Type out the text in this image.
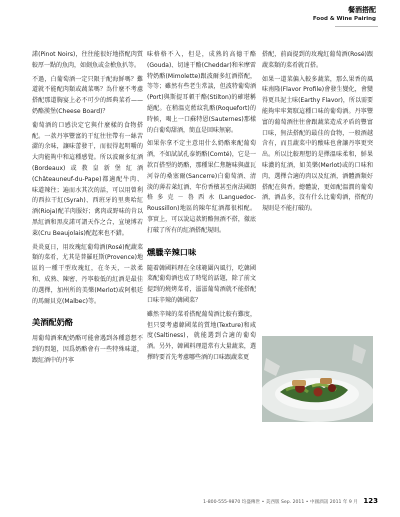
餐酒搭配
Food & Wine Pairing

諾(Pinot Noirs)，往往能很好地搭配肉質較厚一點的魚肉，如劍魚或金槍魚扒等。

不過，白葡萄酒一定只限于配海鮮嗎？難道就不能配肉類或蔬菜嗎？為什麼不考慮搭配那道胸宴上必不可少的經典菜肴——奶酪漢堡(Cheese Board)？

葡萄酒的口感決定它與什麼樣的食物搭配。一款丹寧豐富的干紅往往帶有一絲苦澀的余味，讓味蕾發干，而很得起明嚼的大肉能夠中和這種感覺。所以波爾多紅酒(Bordeaux)或教皇新堡紅酒(Châteauneuf-du-Pape)都適配牛肉、味道辣往；遍而水其次的話，可以用曾利的西拉干紅(Syrah)、西班牙的里奧哈紅酒(Rioja)配羊肉服好；禽肉或野味的肯以黑紅酒和黑皮諾可謂天作之合，宣境博若萊(Cru Beaujolais)配起來也不錯。

炎炎夏日，用玫瑰紅葡萄酒(Rosé)配蔬菜類的菜肴，尤其是普羅旺斯(Provence)地區的一種干型玫瑰紅，在冬天，一款柔和、成熟、陳密、丹寧較低的紅酒是最佳的選擇，加州所的美樂(Merlot)或阿根廷的馬爾貝克(Malbec)等。

美酒配奶酪

用葡萄酒來配奶酪可能會遇到各種意想不到的問題，因爲奶酪會有一些特殊味道，跟紅酒中的丹寧

味格格不入，但是，成熟的高德干酪(Gouda)、切達干酪(Cheddar)和米摩雷特奶酪(Mimolette)跟波爾多紅酒搭配，等等；雖然有些老生常談，但波特葡萄酒(Port)與斯提耳頓干酪(Stilton)的確堪稱絕配。在稍溫克藍紋乳酪(Roquefort)的時候，喝上一口蘇特恩(Sauternes)那樣的白葡萄甜酒，簡直是回味無窮。

如果你拿不定主意用什么奶酪來配葡萄酒，不如試試孔泰奶酪(Comté)，它是一款百搭型的奶酪，那種果仁焦糖味與盧瓦河谷的桑塞爾(Sancerre)白葡萄酒、清淡的薄若萊紅酒、年份香檳甚至南法國朗格多克－魯西永(Languedoc-Roussillon)地區的陳年紅酒都很相配。事實上，可以說這款奶酪無酒不搭，徹底打破了所有的紅酒搭配規則。

燻臘辛辣口味

隨着韓國料理在全球範圍內風行，吃韓國菜配葡萄酒也成了時髦的話題，除了前文提到的燒烤菜肴，滋滋葡萄酒就不能搭配口味辛辣的韓國菜？

雖然辛辣的菜肴搭配葡萄酒比較有難度，但只要考慮韓國菜的質地(Texture)和咸度(Saltiness)，就能選到合適的葡萄酒。另外，韓國料理還常有大量蔬菜，選擇時要首先考慮哪些酒的口味跟蔬菜更

搭配，前面提到的玫瑰紅葡萄酒(Rosé)跟蔬菜類的菜肴就百搭。

如果一道菜偏入較多蔬菜，那么果香的風味南隆(Flavor Profile)會發生變化，會變得更具泥土味(Earthy Flavor)，所以需要能夠牢牢駕馭這種口味的葡萄酒。丹寧豐富的葡萄酒往往會跟蔬菜造成矛盾的豐富口味，無法搭配的最佳的食物，一般酒越含有，而且蔬菜中的酸味也會讓丹寧更突出。所以比較理想的是擇溫味柔和，鮮果味濃的紅酒，如美樂(Merlot)或的口味和肉，選擇合適的肉以及紅酒，酒體酒類好搭配在與香。總體說，更如配溫潤的葡萄酒，酒品多，沒有什么比葡萄酒，搭配的規則是不能打破的。

1-800-555-9870 均盛傳世 • 美西版 Sep. 2011 • 中國酒訊 2011 年 9 月 123
